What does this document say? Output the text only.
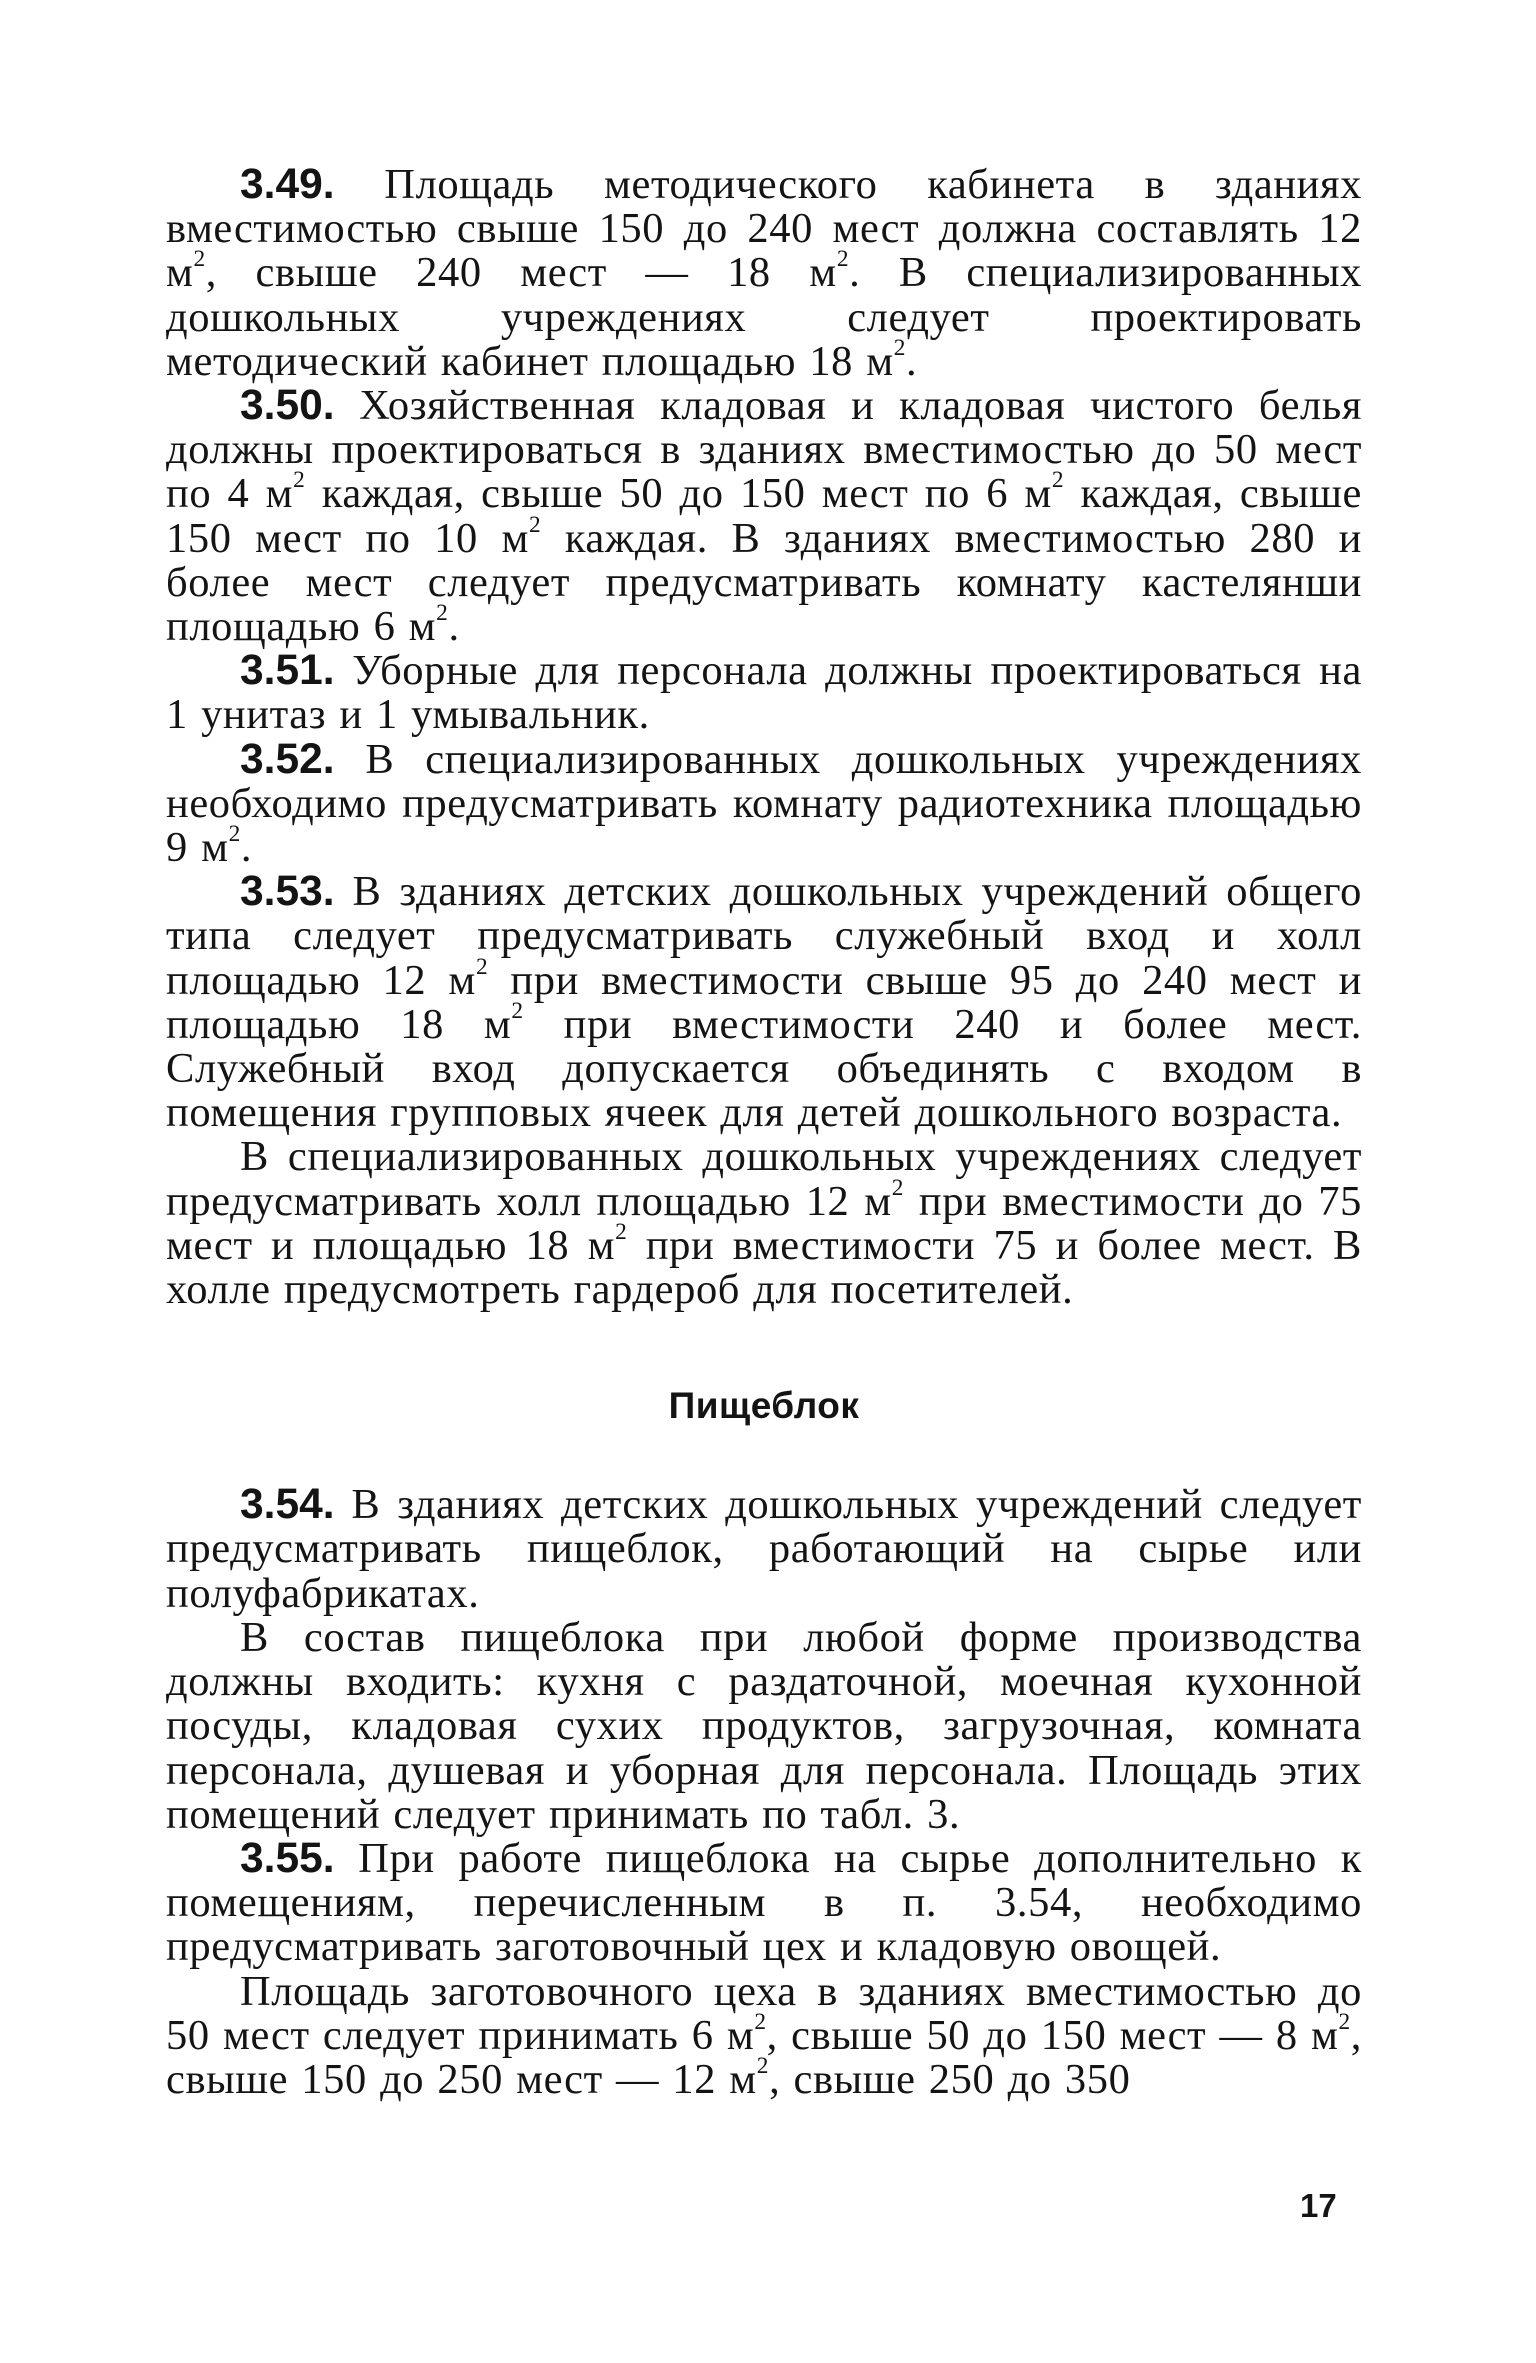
3.49. Площадь методического кабинета в зданиях вместимостью свыше 150 до 240 мест должна составлять 12 $м^2$, свыше 240 мест — 18 $м^2$. В специализированных дошкольных учреждениях следует проектировать методический кабинет площадью 18 $м^2$.

3.50. Хозяйственная кладовая и кладовая чистого белья должны проектироваться в зданиях вместимостью до 50 мест по 4 $м^2$ каждая, свыше 50 до 150 мест по 6 $м^2$ каждая, свыше 150 мест по 10 $м^2$ каждая. В зданиях вместимостью 280 и более мест следует предусматривать комнату кастелянши площадью 6 $м^2$.

3.51. Уборные для персонала должны проектироваться на 1 унитаз и 1 умывальник.

3.52. В специализированных дошкольных учреждениях необходимо предусматривать комнату радиотехника площадью 9 $м^2$.

3.53. В зданиях детских дошкольных учреждений общего типа следует предусматривать служебный вход и холл площадью 12 $м^2$ при вместимости свыше 95 до 240 мест и площадью 18 $м^2$ при вместимости 240 и более мест. Служебный вход допускается объединять с входом в помещения групповых ячеек для детей дошкольного возраста.

В специализированных дошкольных учреждениях следует предусматривать холл площадью 12 $м^2$ при вместимости до 75 мест и площадью 18 $м^2$ при вместимости 75 и более мест. В холле предусмотреть гардероб для посетителей.

Пищеблок

3.54. В зданиях детских дошкольных учреждений следует предусматривать пищеблок, работающий на сырье или полуфабрикатах.

В состав пищеблока при любой форме производства должны входить: кухня с раздаточной, моечная кухонной посуды, кладовая сухих продуктов, загрузочная, комната персонала, душевая и уборная для персонала. Площадь этих помещений следует принимать по табл. 3.

3.55. При работе пищеблока на сырье дополнительно к помещениям, перечисленным в п. 3.54, необходимо предусматривать заготовочный цех и кладовую овощей.

Площадь заготовочного цеха в зданиях вместимостью до 50 мест следует принимать 6 $м^2$, свыше 50 до 150 мест — 8 $м^2$, свыше 150 до 250 мест — 12 $м^2$, свыше 250 до 350

17
